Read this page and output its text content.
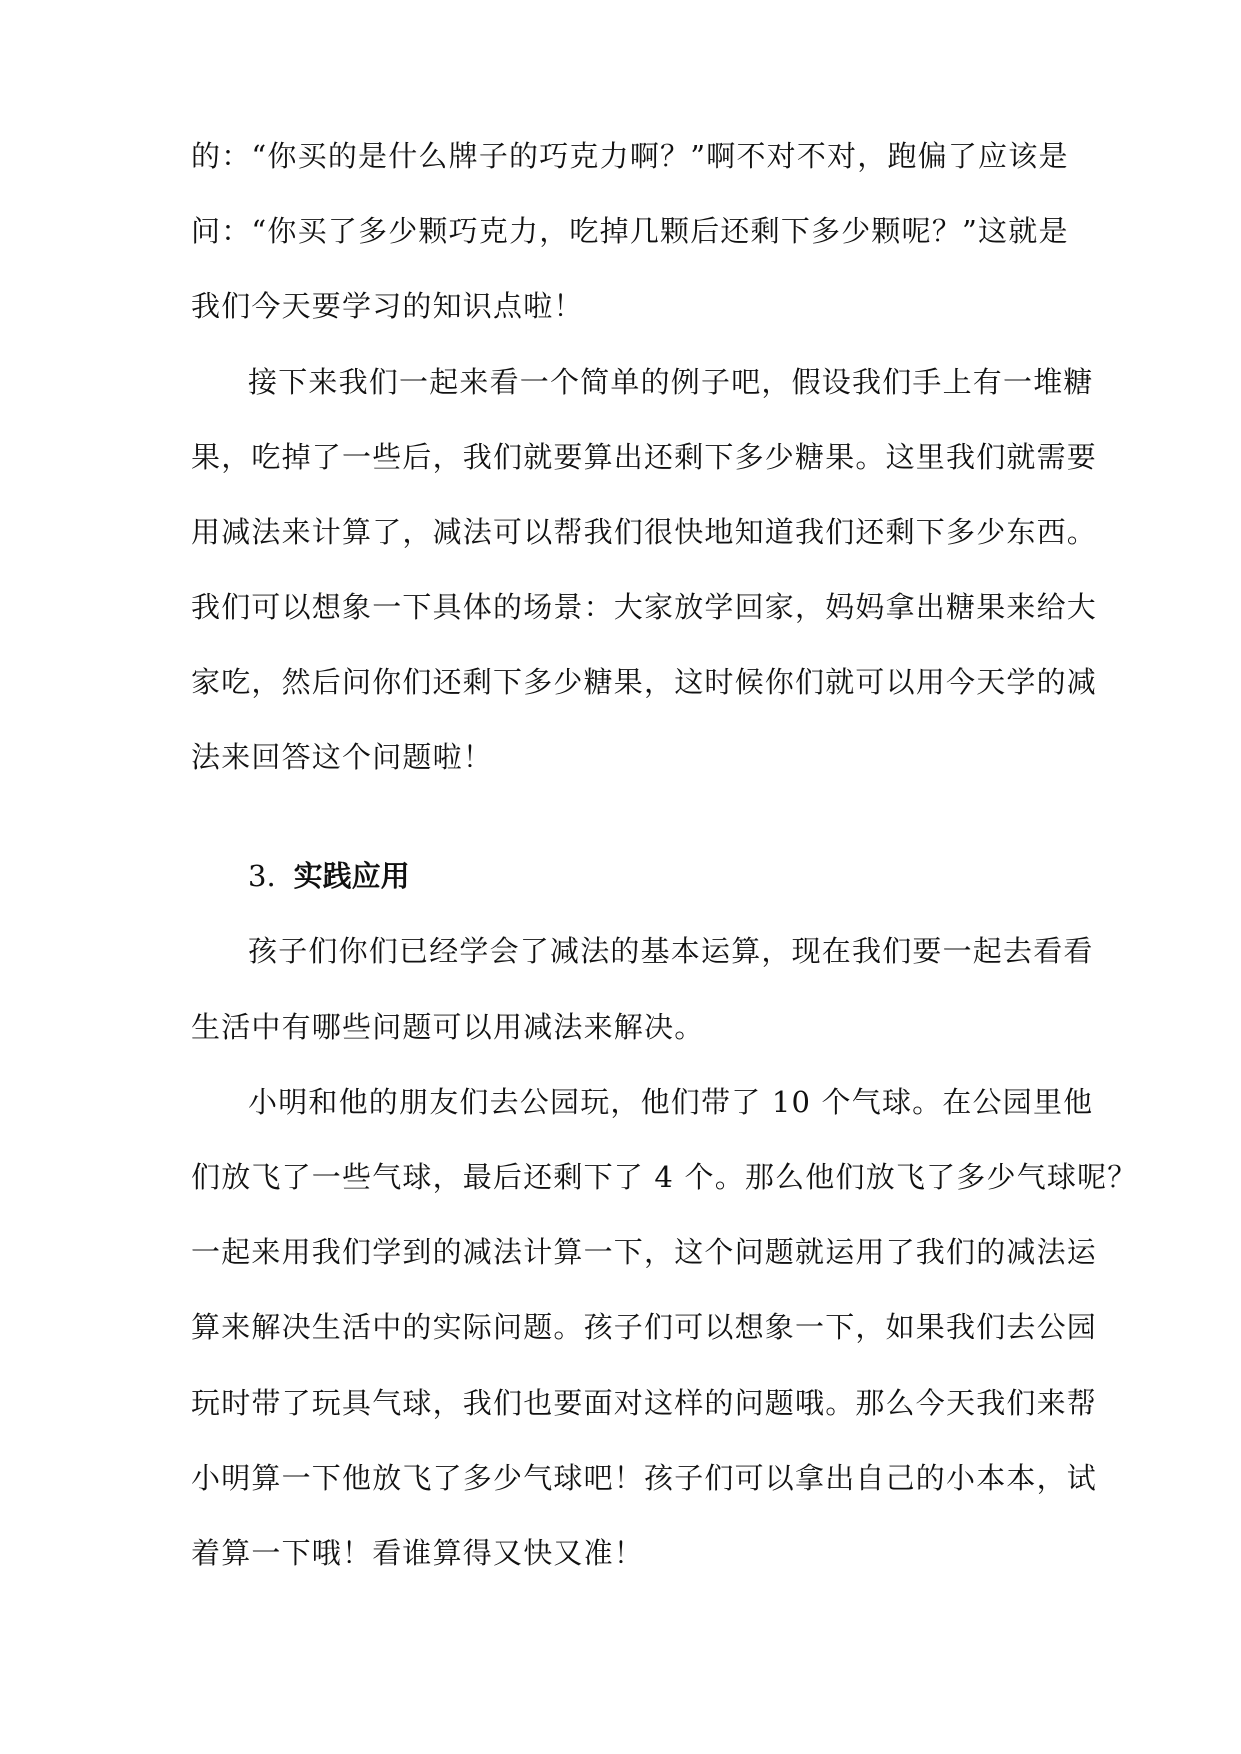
的：“你买的是什么牌子的巧克力啊？”啊不对不对，跑偏了应该是
问：“你买了多少颗巧克力，吃掉几颗后还剩下多少颗呢？”这就是
我们今天要学习的知识点啦！
接下来我们一起来看一个简单的例子吧，假设我们手上有一堆糖
果，吃掉了一些后，我们就要算出还剩下多少糖果。这里我们就需要
用减法来计算了，减法可以帮我们很快地知道我们还剩下多少东西。
我们可以想象一下具体的场景：大家放学回家，妈妈拿出糖果来给大
家吃，然后问你们还剩下多少糖果，这时候你们就可以用今天学的减
法来回答这个问题啦！
3. 实践应用
孩子们你们已经学会了减法的基本运算，现在我们要一起去看看
生活中有哪些问题可以用减法来解决。
小明和他的朋友们去公园玩，他们带了 10 个气球。在公园里他
们放飞了一些气球，最后还剩下了 4 个。那么他们放飞了多少气球呢？
一起来用我们学到的减法计算一下，这个问题就运用了我们的减法运
算来解决生活中的实际问题。孩子们可以想象一下，如果我们去公园
玩时带了玩具气球，我们也要面对这样的问题哦。那么今天我们来帮
小明算一下他放飞了多少气球吧！孩子们可以拿出自己的小本本，试
着算一下哦！看谁算得又快又准！
